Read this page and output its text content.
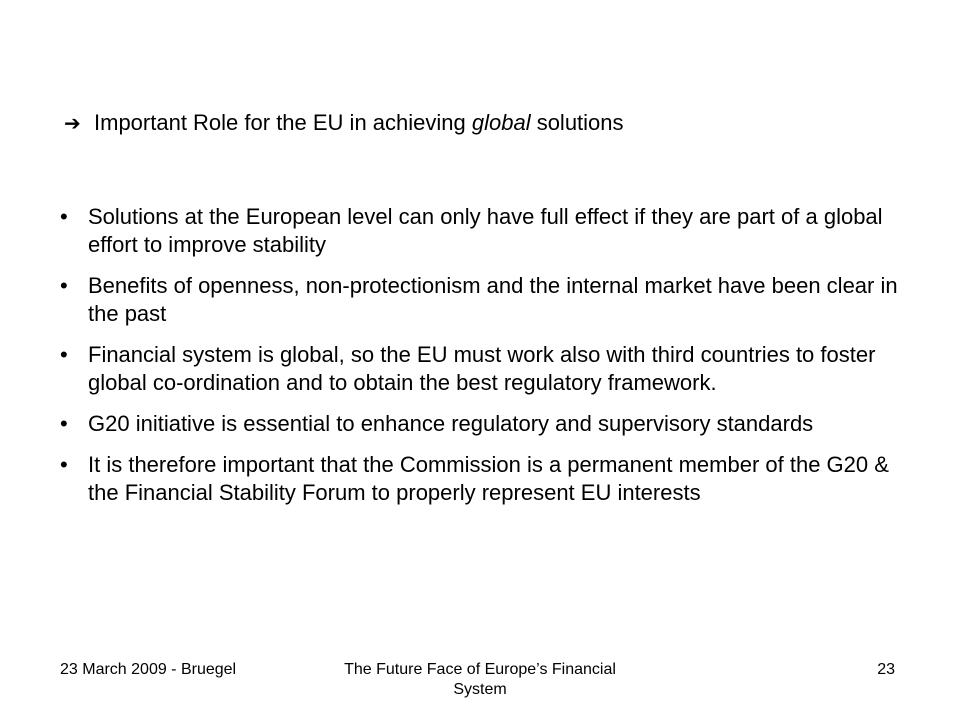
➔ Important Role for the EU in achieving global solutions
• Solutions at the European level can only have full effect if they are part of a global effort to improve stability
• Benefits of openness, non-protectionism and the internal market have been clear in the past
• Financial system is global, so the EU must work also with third countries to foster global co-ordination and to obtain the best regulatory framework.
• G20 initiative is essential to enhance regulatory and supervisory standards
• It is therefore important that the Commission is a permanent member of the G20 & the Financial Stability Forum to properly represent EU interests
23 March 2009 - Bruegel	The Future Face of Europe’s Financial System
23
